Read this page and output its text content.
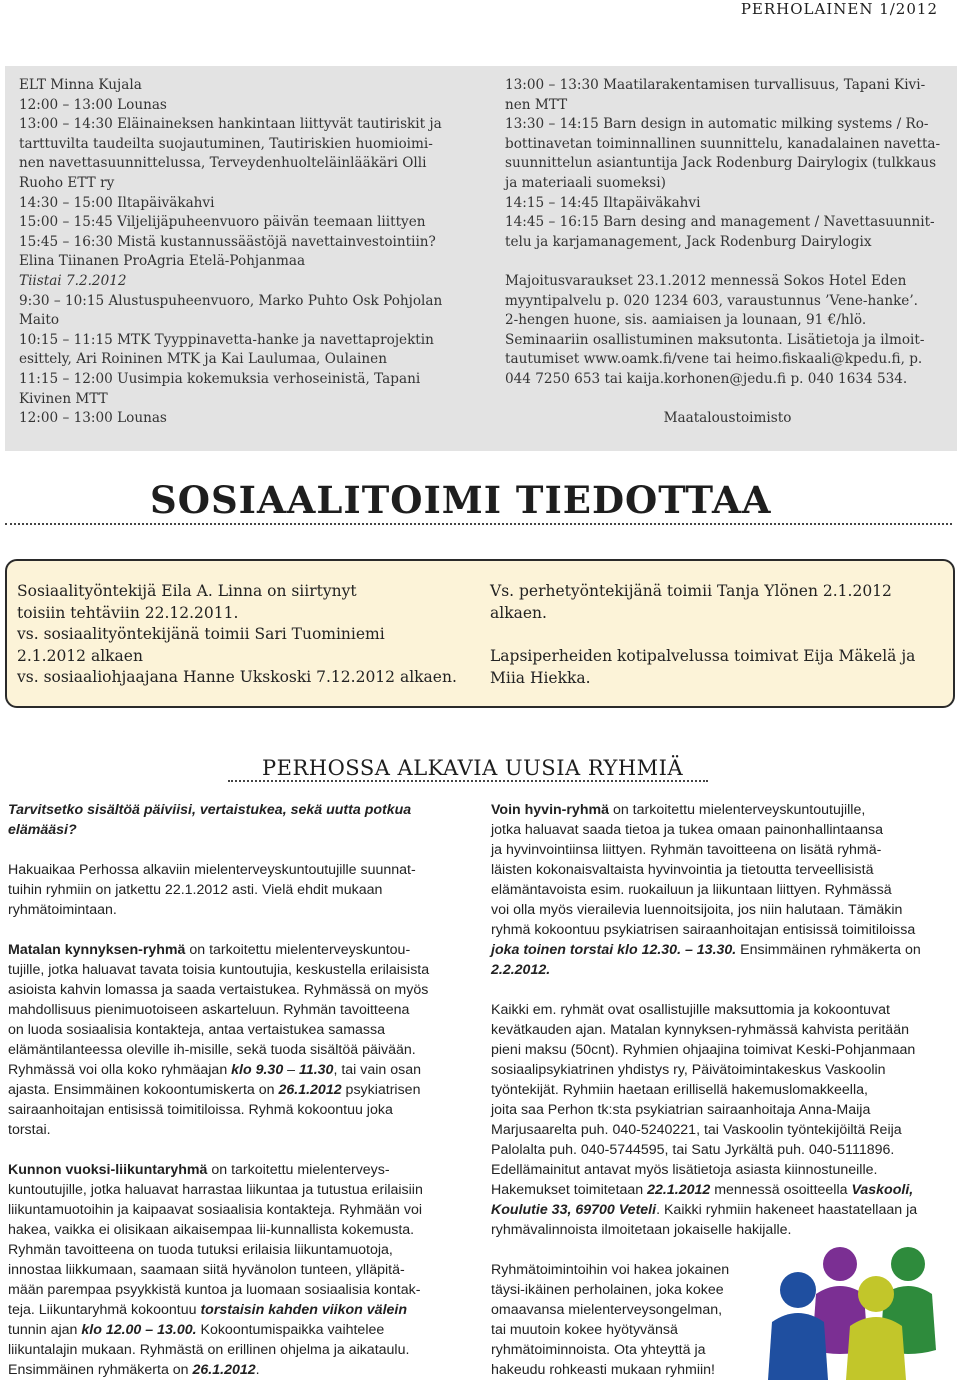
PERHOLAINEN 1/2012
ELT Minna Kujala
12:00 – 13:00 Lounas
13:00 – 14:30 Eläinaineksen hankintaan liittyvät tautiriskit ja
tarttuvilta taudeilta suojautuminen, Tautiriskien huomioimi-
nen navettasuunnittelussa, Terveydenhuolteläinlääkäri Olli
Ruoho ETT ry
14:30 – 15:00 Iltapäiväkahvi
15:00 – 15:45 Viljelijäpuheenvuoro päivän teemaan liittyen
15:45 – 16:30 Mistä kustannussäästöjä navettainvestointiin?
Elina Tiinanen ProAgria Etelä-Pohjanmaa
Tiistai 7.2.2012
9:30 – 10:15 Alustuspuheenvuoro, Marko Puhto Osk Pohjolan
Maito
10:15 – 11:15 MTK Tyyppinavetta-hanke ja navettaprojektin
esittely, Ari Roininen MTK ja Kai Laulumaa, Oulainen
11:15 – 12:00 Uusimpia kokemuksia verhoseinistä, Tapani
Kivinen MTT
12:00 – 13:00 Lounas
13:00 – 13:30 Maatilarakentamisen turvallisuus, Tapani Kivi-
nen MTT
13:30 – 14:15 Barn design in automatic milking systems / Ro-
bottinavetan toiminnallinen suunnittelu, kanadalainen navetta-
suunnittelun asiantuntija Jack Rodenburg Dairylogix (tulkkaus
ja materiaali suomeksi)
14:15 – 14:45 Iltapäiväkahvi
14:45 – 16:15 Barn desing and management / Navettasuunnit-
telu ja karjamanagement, Jack Rodenburg Dairylogix
Majoitusvaraukset 23.1.2012 mennessä Sokos Hotel Eden
myyntipalvelu p. 020 1234 603, varaustunnus ’Vene-hanke’.
2-hengen huone, sis. aamiaisen ja lounaan, 91 €/hlö.
Seminaariin osallistuminen maksutonta. Lisätietoja ja ilmoit-
tautumiset www.oamk.fi/vene tai heimo.fiskaali@kpedu.fi, p.
044 7250 653 tai kaija.korhonen@jedu.fi p. 040 1634 534.
Maataloustoimisto
SOSIAALITOIMI TIEDOTTAA
Sosiaalityöntekijä Eila A. Linna on siirtynyt
toisiin tehtäviin 22.12.2011.
vs. sosiaalityöntekijänä toimii Sari Tuominiemi
2.1.2012 alkaen
vs. sosiaaliohjaajana Hanne Ukskoski 7.12.2012 alkaen.
Vs. perhetyöntekijänä toimii Tanja Ylönen 2.1.2012
alkaen.
Lapsiperheiden kotipalvelussa toimivat Eija Mäkelä ja
Miia Hiekka.
PERHOSSA ALKAVIA UUSIA RYHMIÄ
Tarvitsetko sisältöä päiviisi, vertaistukea, sekä uutta potkua
elämääsi?
Hakuaikaa Perhossa alkaviin mielenterveyskuntoutujille suunnat-
tuihin ryhmiin on jatkettu 22.1.2012 asti. Vielä ehdit mukaan
ryhmätoimintaan.
Matalan kynnyksen-ryhmä on tarkoitettu mielenterveyskuntou-
tujille, jotka haluavat tavata toisia kuntoutujia, keskustella erilaisista
asioista kahvin lomassa ja saada vertaistukea. Ryhmässä on myös
mahdollisuus pienimuotoiseen askarteluun. Ryhmän tavoitteena
on luoda sosiaalisia kontakteja, antaa vertaistukea samassa
elämäntilanteessa oleville ih-misille, sekä tuoda sisältöä päivään.
Ryhmässä voi olla koko ryhmäajan klo 9.30 – 11.30, tai vain osan
ajasta. Ensimmäinen kokoontumiskerta on 26.1.2012 psykiatrisen
sairaanhoitajan entisissä toimitiloissa. Ryhmä kokoontuu joka
torstai.
Kunnon vuoksi-liikuntaryhmä on tarkoitettu mielenterveys-
kuntoutujille, jotka haluavat harrastaa liikuntaa ja tutustua erilaisiin
liikuntamuotoihin ja kaipaavat sosiaalisia kontakteja. Ryhmään voi
hakea, vaikka ei olisikaan aikaisempaa lii-kunnallista kokemusta.
Ryhmän tavoitteena on tuoda tutuksi erilaisia liikuntamuotoja,
innostaa liikkumaan, saamaan siitä hyvänolon tunteen, ylläpitä-
mään parempaa psyykkistä kuntoa ja luomaan sosiaalisia kontak-
teja. Liikuntaryhmä kokoontuu torstaisin kahden viikon välein
tunnin ajan klo 12.00 – 13.00. Kokoontumispaikka vaihtelee
liikuntalajin mukaan. Ryhmästä on erillinen ohjelma ja aikataulu.
Ensimmäinen ryhmäkerta on 26.1.2012.
Voin hyvin-ryhmä on tarkoitettu mielenterveyskuntoutujille,
jotka haluavat saada tietoa ja tukea omaan painonhallintaansa
ja hyvinvointiinsa liittyen. Ryhmän tavoitteena on lisätä ryhmä-
läisten kokonaisvaltaista hyvinvointia ja tietoutta terveellisistä
elämäntavoista esim. ruokailuun ja liikuntaan liittyen. Ryhmässä
voi olla myös vierailevia luennoitsijoita, jos niin halutaan. Tämäkin
ryhmä kokoontuu psykiatrisen sairaanhoitajan entisissä toimitiloissa
joka toinen torstai klo 12.30. – 13.30. Ensimmäinen ryhmäkerta on
2.2.2012.
Kaikki em. ryhmät ovat osallistujille maksuttomia ja kokoontuvat
kevätkauden ajan. Matalan kynnyksen-ryhmässä kahvista peritään
pieni maksu (50cnt). Ryhmien ohjaajina toimivat Keski-Pohjanmaan
sosiaalipsykiatrinen yhdistys ry, Päivätoimintakeskus Vaskoolin
työntekijät. Ryhmiin haetaan erillisellä hakemuslomakkeella,
joita saa Perhon tk:sta psykiatrian sairaanhoitaja Anna-Maija
Marjusaarelta puh. 040-5240221, tai Vaskoolin työntekijöiltä Reija
Palolalta puh. 040-5744595, tai Satu Jyrkältä puh. 040-5111896.
Edellämainitut antavat myös lisätietoja asiasta kiinnostuneille.
Hakemukset toimitetaan 22.1.2012 mennessä osoitteella Vaskooli,
Koulutie 33, 69700 Veteli. Kaikki ryhmiin hakeneet haastatellaan ja
ryhmävalinnoista ilmoitetaan jokaiselle hakijalle.
Ryhmätoimintoihin voi hakea jokainen
täysi-ikäinen perholainen, joka kokee
omaavansa mielenterveysongelman,
tai muutoin kokee hyötyvänsä
ryhmätoiminnoista. Ota yhteyttä ja
hakeudu rohkeasti mukaan ryhmiin!
